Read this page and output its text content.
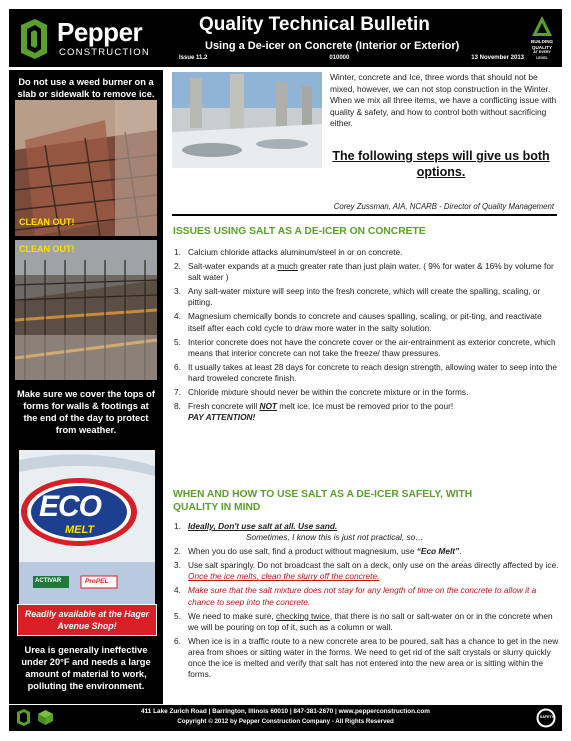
Pepper
CONSTRUCTION
Quality Technical Bulletin
Using a De-icer on Concrete (Interior or Exterior)
Issue 11.2	010000	13 November 2013
BUILDING
QUALITY
AT EVERY LEVEL
Do not use a weed burner on a slab or sidewalk to remove ice.
CLEAN OUT!
CLEAN OUT!
Make sure we cover the tops of forms for walls & footings at the end of the day to protect from weather.
ECO
MELT
ACTIVAR	ProPEL
Readily available at the Hager Avenue Shop!
Urea is generally ineffective under 20°F and needs a large amount of material to work, polluting the environment.
Winter, concrete and Ice, three words that should not be mixed, however, we can not stop construction in the Winter. When we mix all three items, we have a conflicting issue with quality & safety, and how to control both without sacrificing either.
The following steps will give us both options.
Corey Zussman, AIA, NCARB - Director of Quality Management
ISSUES USING SALT AS A DE-ICER ON CONCRETE
1. Calcium chloride attacks aluminum/steel in or on concrete.
2. Salt-water expands at a much greater rate than just plain water. ( 9% for water & 16% by volume for salt water )
3. Any salt-water mixture will seep into the fresh concrete, which will create the spalling, scaling, or pitting.
4. Magnesium chemically bonds to concrete and causes spalling, scaling, or pit-ting, and reactivate itself after each cold cycle to draw more water in the salty solution.
5. Interior concrete does not have the concrete cover or the air-entrainment as exterior concrete, which means that interior concrete can not take the freeze/ thaw pressures.
6. It usually takes at least 28 days for concrete to reach design strength, allowing water to seep into the hard troweled concrete finish.
7. Chloride mixture should never be within the concrete mixture or in the forms.
8. Fresh concrete will NOT melt ice. Ice must be removed prior to the pour!
PAY ATTENTION!
WHEN AND HOW TO USE SALT AS A DE-ICER SAFELY, WITH
QUALITY IN MIND
1. Ideally, Don't use salt at all. Use sand.
Sometimes, I know this is just not practical, so…
2. When you do use salt, find a product without magnesium, use “Eco Melt”.
3. Use salt sparingly. Do not broadcast the salt on a deck, only use on the areas directly affected by ice. Once the ice melts, clean the slurry off the concrete.
4. Make sure that the salt mixture does not stay for any length of time on the concrete to allow it a chance to seep into the concrete.
5. We need to make sure, checking twice, that there is no salt or salt-water on or in the concrete when we will be pouring on top of it, such as a column or wall.
6. When ice is in a traffic route to a new concrete area to be poured, salt has a chance to get in the new area from shoes or sitting water in the forms. We need to get rid of the salt crystals or slurry quickly once the ice is melted and verify that salt has not entered into the new area or is sitting within the forms.
411 Lake Zurich Road | Barrington, Illinois 60010 | 847-381-2670 | www.pepperconstruction.com
Copyright © 2012 by Pepper Construction Company - All Rights Reserved
SAFETY
